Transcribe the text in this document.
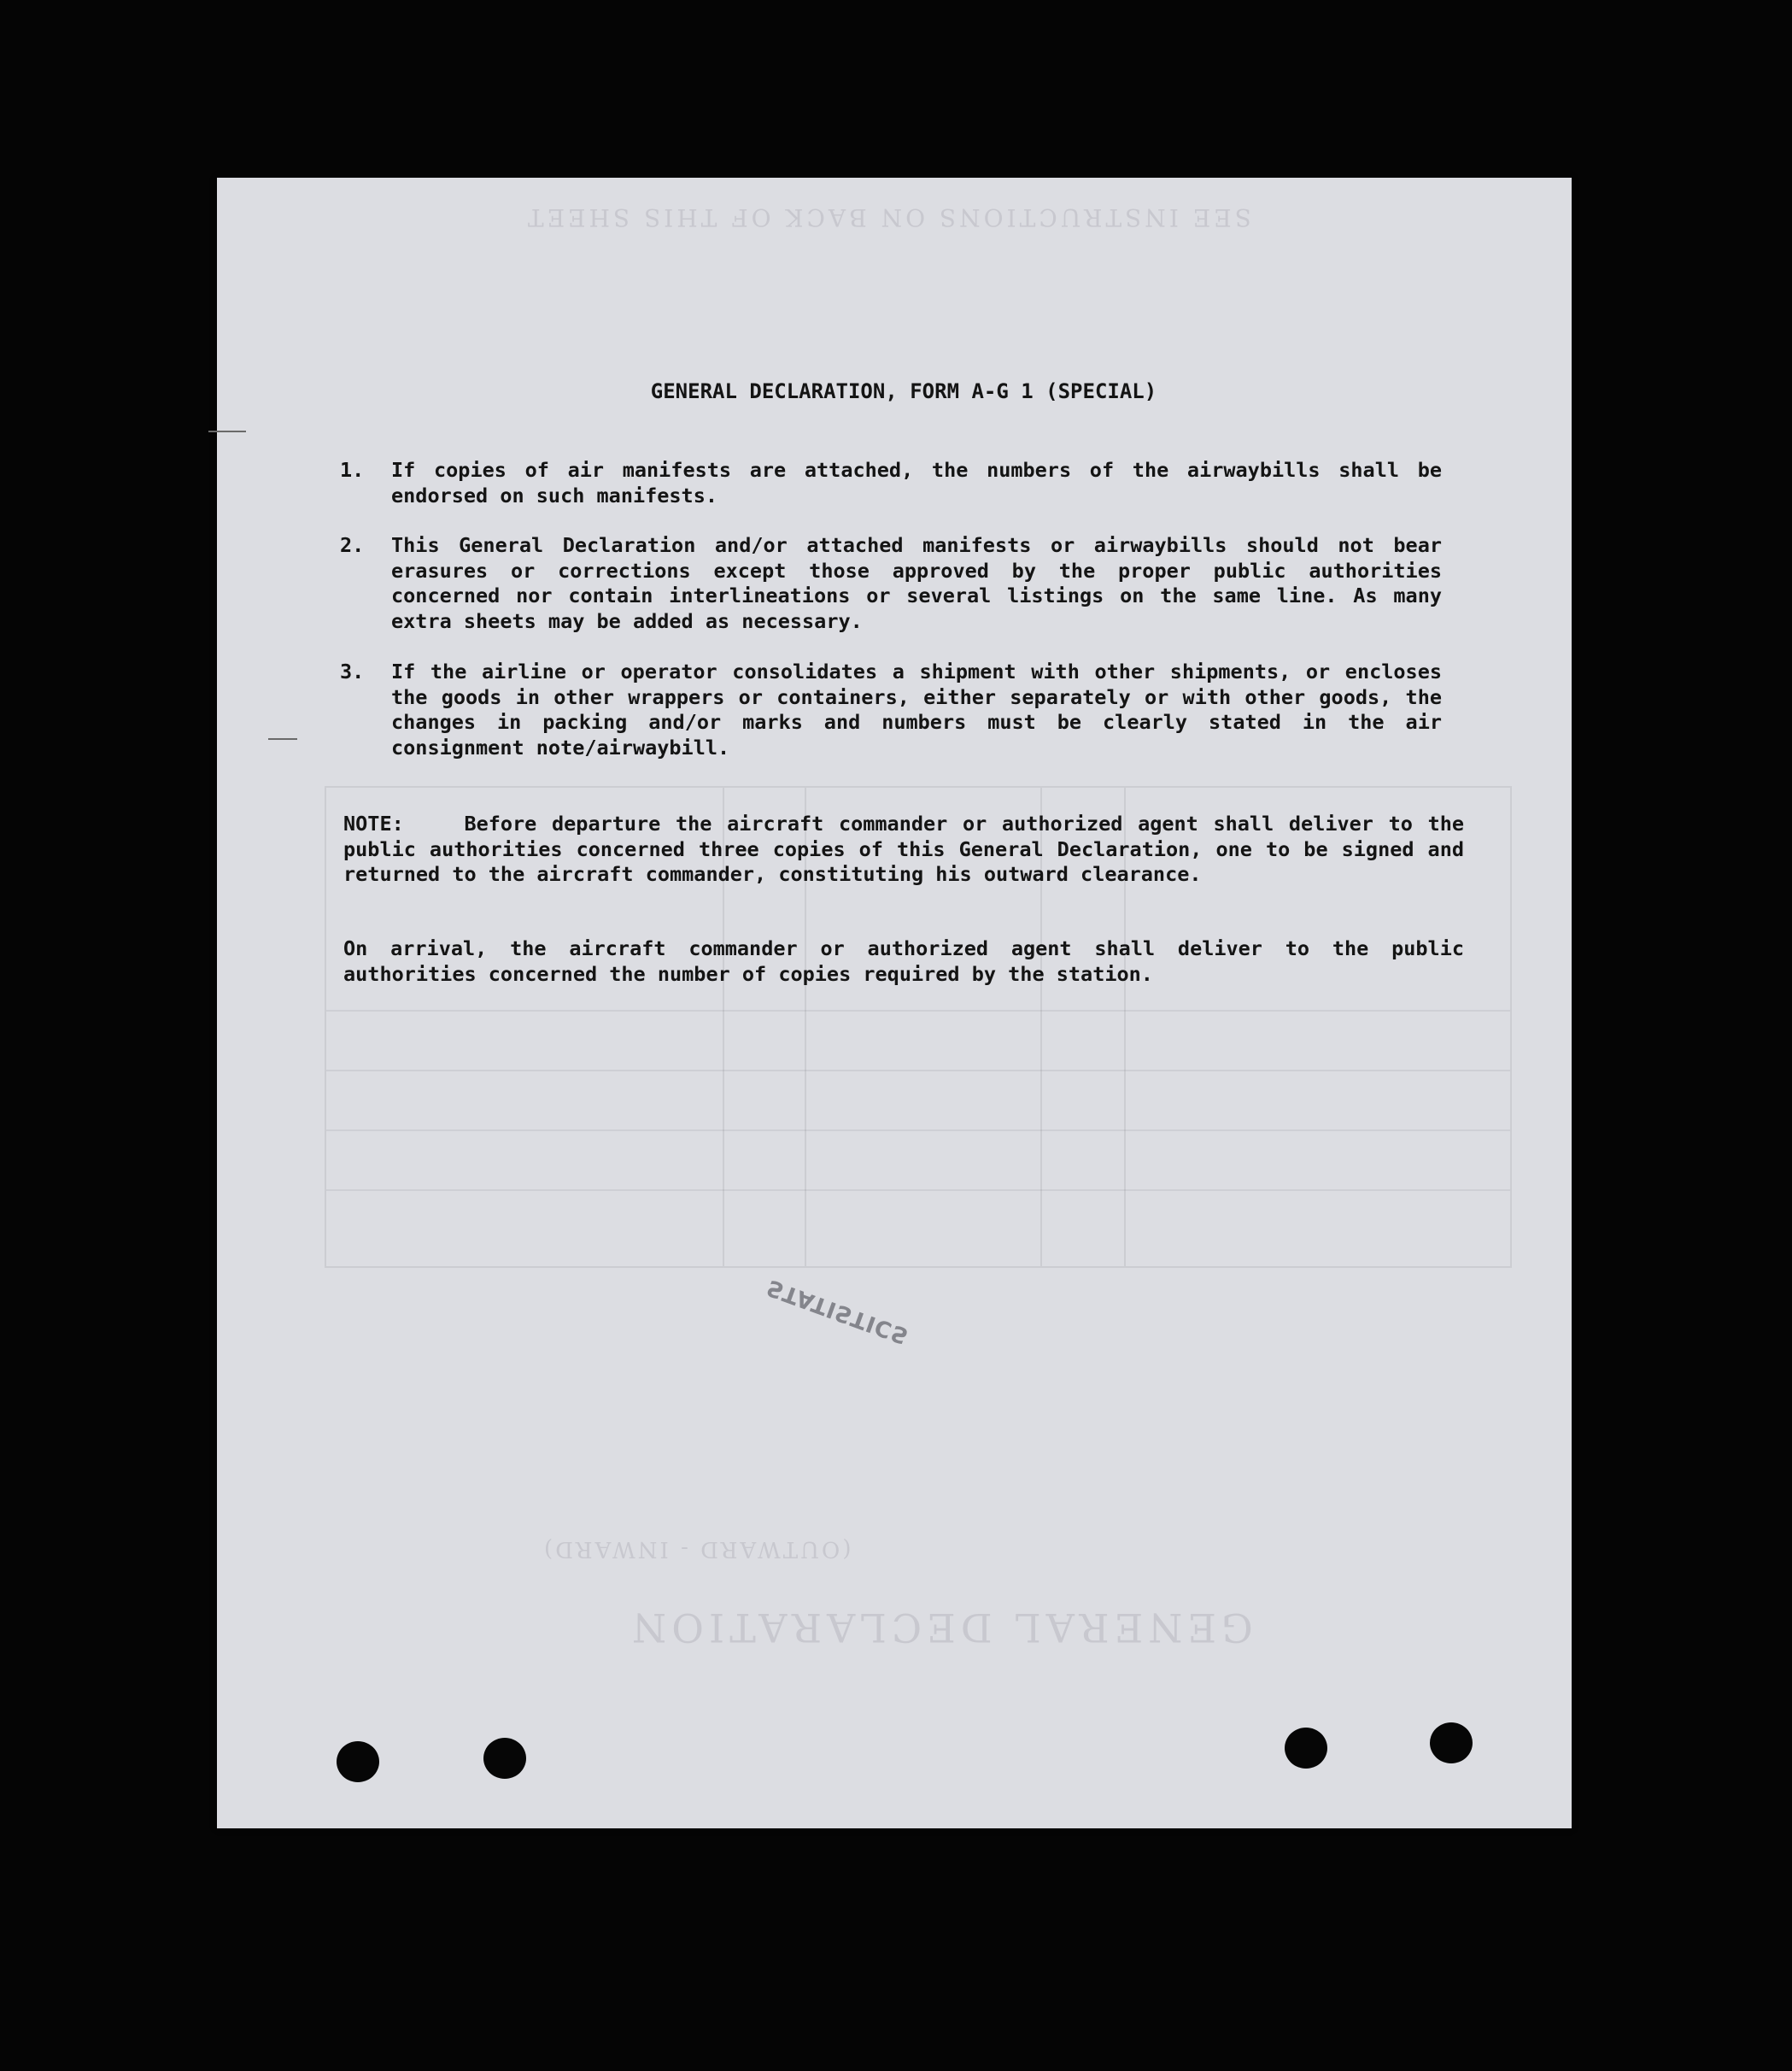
SEE INSTRUCTIONS ON BACK OF THIS SHEET
(OUTWARD - INWARD)
GENERAL DECLARATION
GENERAL DECLARATION, FORM A-G 1 (SPECIAL)
1. If copies of air manifests are attached, the numbers of the airwaybills shall be endorsed on such manifests.
2. This General Declaration and/or attached manifests or airwaybills should not bear erasures or corrections except those approved by the proper public authorities concerned nor contain interlineations or several listings on the same line. As many extra sheets may be added as necessary.
3. If the airline or operator consolidates a shipment with other shipments, or encloses the goods in other wrappers or containers, either separately or with other goods, the changes in packing and/or marks and numbers must be clearly stated in the air consignment note/airwaybill.
NOTE:	Before departure the aircraft commander or authorized agent shall deliver to the public authorities concerned three copies of this General Declaration, one to be signed and returned to the aircraft commander, constituting his outward clearance.
On arrival, the aircraft commander or authorized agent shall deliver to the public authorities concerned the number of copies required by the station.
STATISTICS
